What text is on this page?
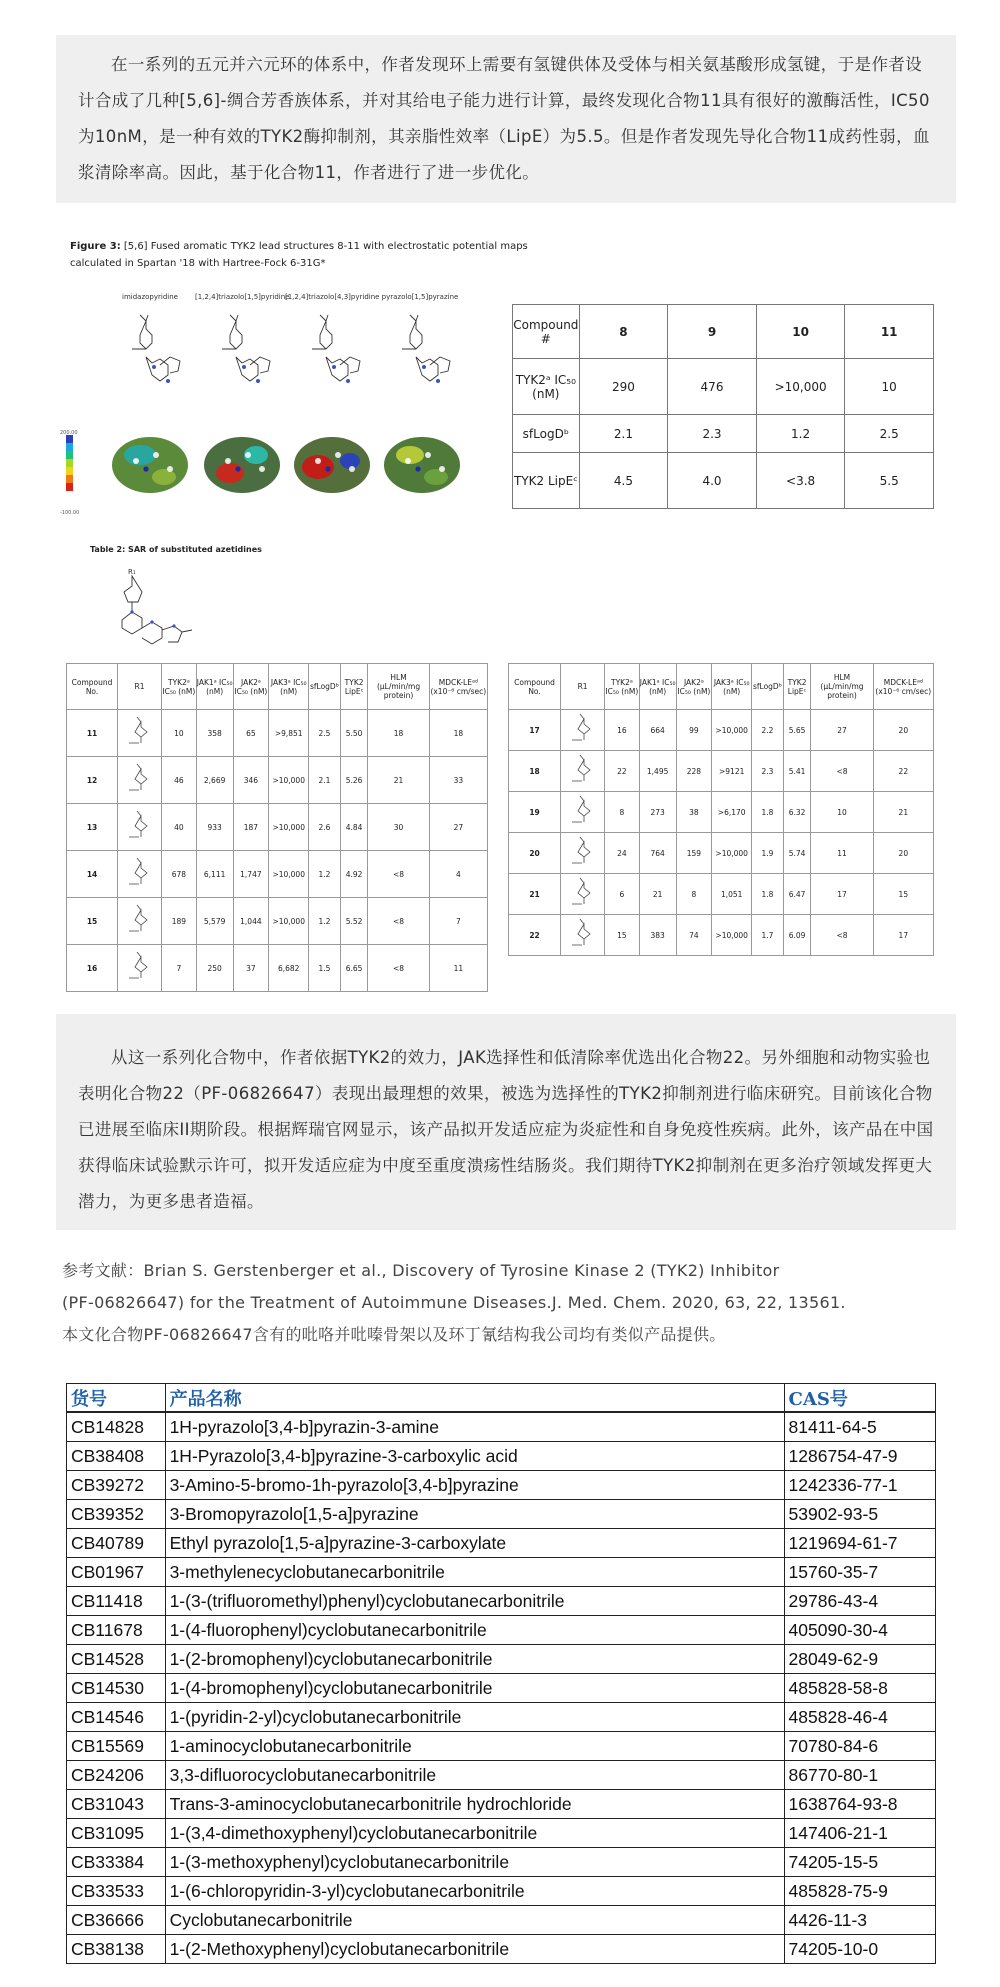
在一系列的五元并六元环的体系中，作者发现环上需要有氢键供体及受体与相关氨基酸形成氢键，于是作者设计合成了几种[5,6]-绸合芳香族体系，并对其给电子能力进行计算，最终发现化合物11具有很好的激酶活性，IC50为10nM，是一种有效的TYK2酶抑制剂，其亲脂性效率（LipE）为5.5。但是作者发现先导化合物11成药性弱，血浆清除率高。因此，基于化合物11，作者进行了进一步优化。

Figure 3: [5,6] Fused aromatic TYK2 lead structures 8-11 with electrostatic potential maps
calculated in Spartan '18 with Hartree-Fock 6-31G*
imidazopyridine	[1,2,4]triazolo[1,5]pyridine
[1,2,4]triazolo[4,3]pyridine pyrazolo[1,5]pyrazine
200.00
-100.00
Compound #	8	9	10	11
TYK2ᵃ IC₅₀ (nM)	290	476	>10,000	10
sfLogDᵇ	2.1	2.3	1.2	2.5
TYK2 LipEᶜ	4.5	4.0	<3.8	5.5
Table 2: SAR of substituted azetidines
R₁
Compound No.	R1	TYK2ᵃ IC₅₀ (nM)	JAK1ᵃ IC₅₀ (nM)	JAK2ᵃ IC₅₀ (nM)	JAK3ᵃ IC₅₀ (nM)	sfLogDᵇ	TYK2 LipEᶜ	HLM (µL/min/mg protein)	MDCK-LEᵃᵈ (x10⁻⁶ cm/sec)
11		10	358	65	>9,851	2.5	5.50	18	18
12		46	2,669	346	>10,000	2.1	5.26	21	33
13		40	933	187	>10,000	2.6	4.84	30	27
14		678	6,111	1,747	>10,000	1.2	4.92	<8	4
15		189	5,579	1,044	>10,000	1.2	5.52	<8	7
16		7	250	37	6,682	1.5	6.65	<8	11
Compound No.	R1	TYK2ᵃ IC₅₀ (nM)	JAK1ᵃ IC₅₀ (nM)	JAK2ᵃ IC₅₀ (nM)	JAK3ᵃ IC₅₀ (nM)	sfLogDᵇ	TYK2 LipEᶜ	HLM (µL/min/mg protein)	MDCK-LEᵃᵈ (x10⁻⁶ cm/sec)
17		16	664	99	>10,000	2.2	5.65	27	20
18		22	1,495	228	>9121	2.3	5.41	<8	22
19		8	273	38	>6,170	1.8	6.32	10	21
20		24	764	159	>10,000	1.9	5.74	11	20
21		6	21	8	1,051	1.8	6.47	17	15
22		15	383	74	>10,000	1.7	6.09	<8	17

从这一系列化合物中，作者依据TYK2的效力，JAK选择性和低清除率优选出化合物22。另外细胞和动物实验也表明化合物22（PF-06826647）表现出最理想的效果，被选为选择性的TYK2抑制剂进行临床研究。目前该化合物已进展至临床II期阶段。根据辉瑞官网显示，该产品拟开发适应症为炎症性和自身免疫性疾病。此外，该产品在中国获得临床试验默示许可，拟开发适应症为中度至重度溃疡性结肠炎。我们期待TYK2抑制剂在更多治疗领域发挥更大潜力，为更多患者造福。

参考文献：Brian S. Gerstenberger et al., Discovery of Tyrosine Kinase 2 (TYK2) Inhibitor
(PF-06826647) for the Treatment of Autoimmune Diseases.J. Med. Chem. 2020, 63, 22, 13561.
本文化合物PF-06826647含有的吡咯并吡嗪骨架以及环丁氰结构我公司均有类似产品提供。
货号	产品名称	CAS号
CB14828	1H-pyrazolo[3,4-b]pyrazin-3-amine	81411-64-5
CB38408	1H-Pyrazolo[3,4-b]pyrazine-3-carboxylic acid	1286754-47-9
CB39272	3-Amino-5-bromo-1h-pyrazolo[3,4-b]pyrazine	1242336-77-1
CB39352	3-Bromopyrazolo[1,5-a]pyrazine	53902-93-5
CB40789	Ethyl pyrazolo[1,5-a]pyrazine-3-carboxylate	1219694-61-7
CB01967	3-methylenecyclobutanecarbonitrile	15760-35-7
CB11418	1-(3-(trifluoromethyl)phenyl)cyclobutanecarbonitrile	29786-43-4
CB11678	1-(4-fluorophenyl)cyclobutanecarbonitrile	405090-30-4
CB14528	1-(2-bromophenyl)cyclobutanecarbonitrile	28049-62-9
CB14530	1-(4-bromophenyl)cyclobutanecarbonitrile	485828-58-8
CB14546	1-(pyridin-2-yl)cyclobutanecarbonitrile	485828-46-4
CB15569	1-aminocyclobutanecarbonitrile	70780-84-6
CB24206	3,3-difluorocyclobutanecarbonitrile	86770-80-1
CB31043	Trans-3-aminocyclobutanecarbonitrile hydrochloride	1638764-93-8
CB31095	1-(3,4-dimethoxyphenyl)cyclobutanecarbonitrile	147406-21-1
CB33384	1-(3-methoxyphenyl)cyclobutanecarbonitrile	74205-15-5
CB33533	1-(6-chloropyridin-3-yl)cyclobutanecarbonitrile	485828-75-9
CB36666	Cyclobutanecarbonitrile	4426-11-3
CB38138	1-(2-Methoxyphenyl)cyclobutanecarbonitrile	74205-10-0
